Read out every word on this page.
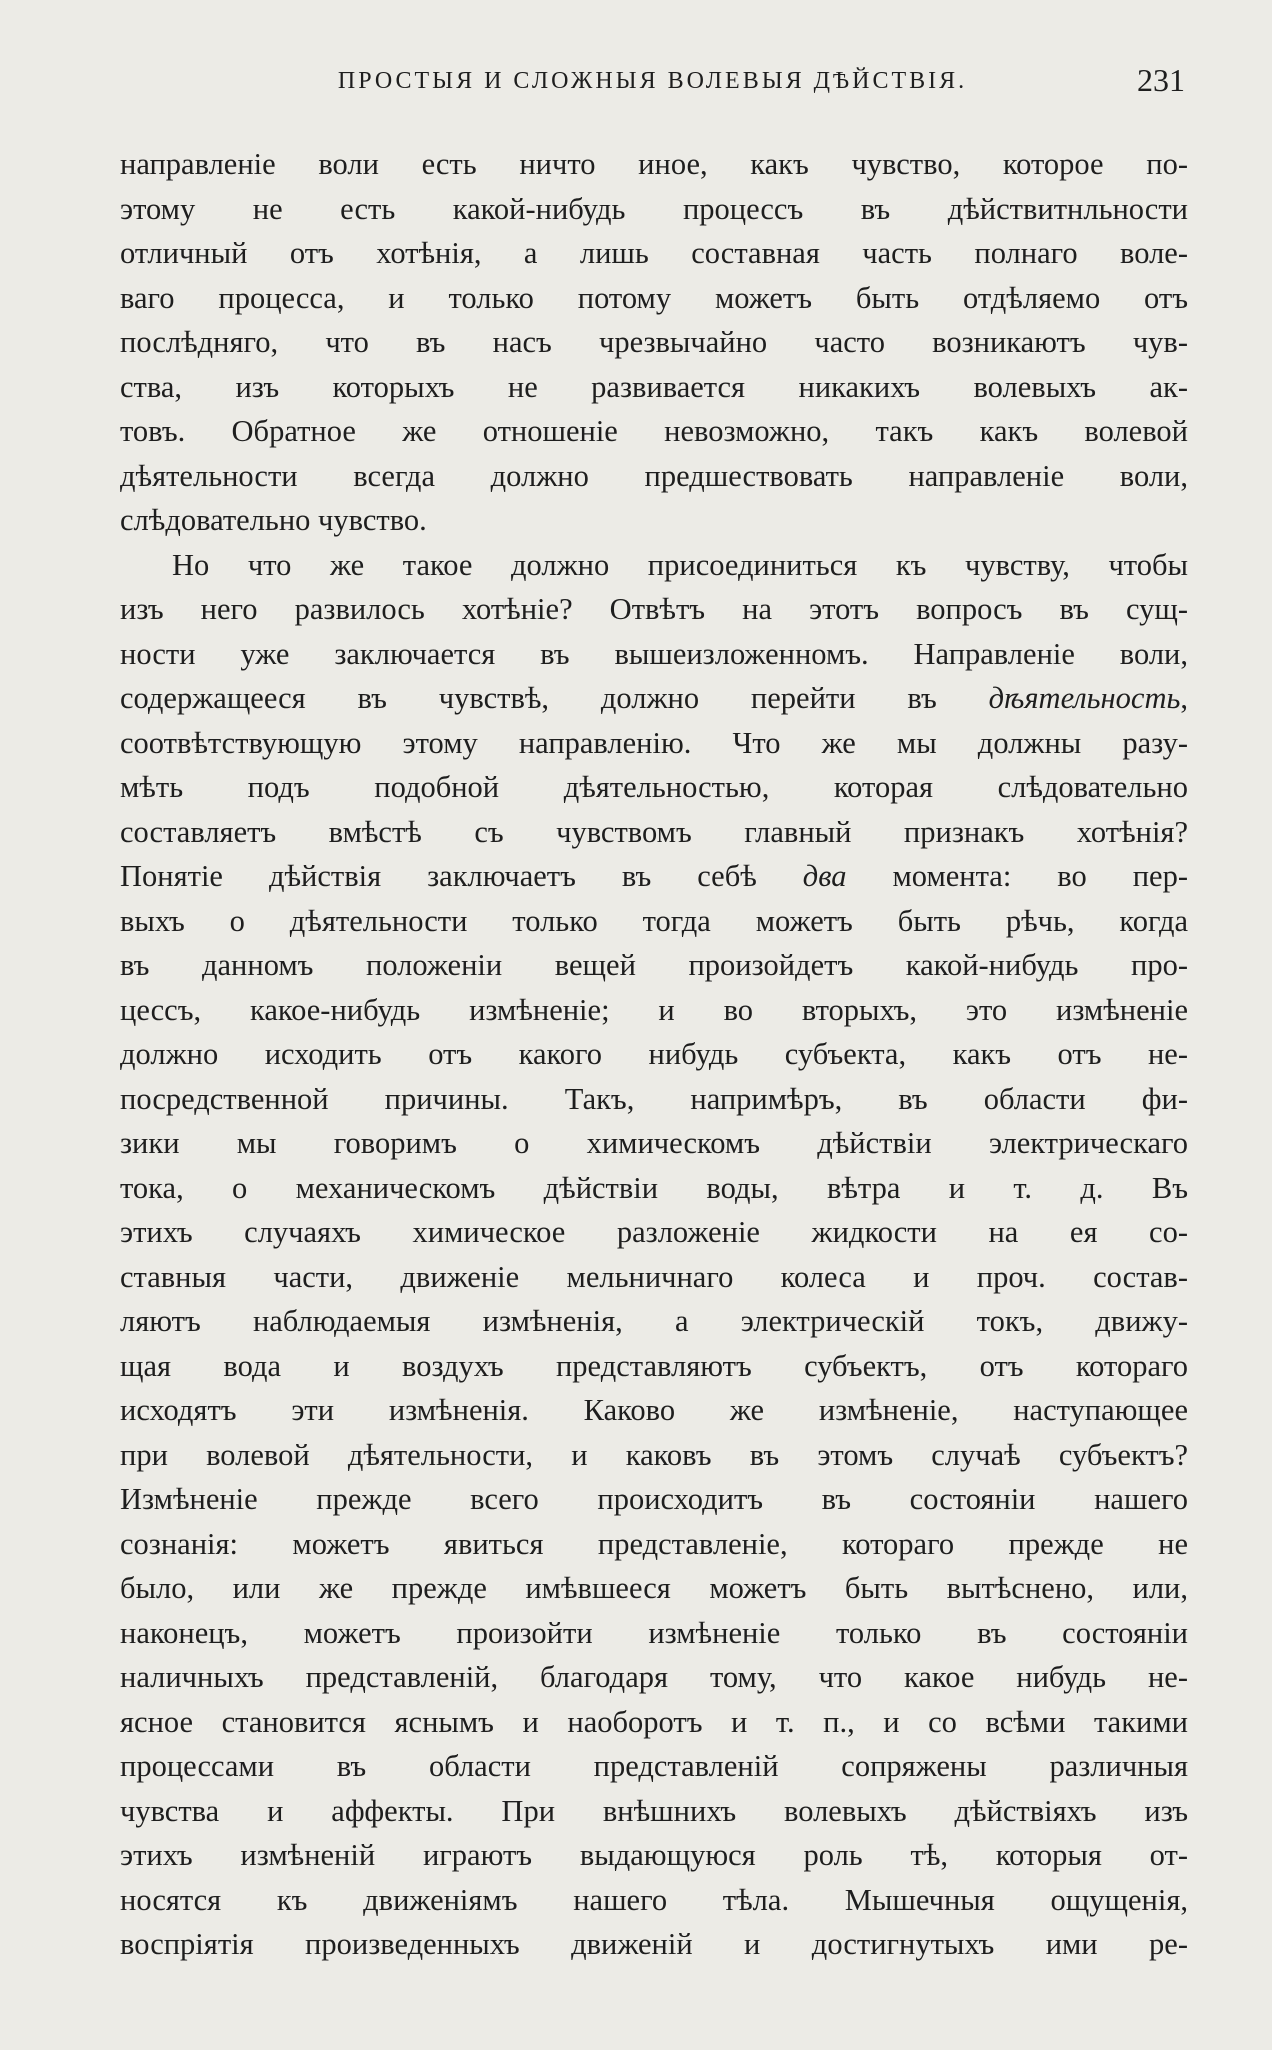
ПРОСТЫЯ И СЛОЖНЫЯ ВОЛЕВЫЯ ДѢЙСТВІЯ.	231
направленіе воли есть ничто иное, какъ чувство, которое по-
этому не есть какой-нибудь процессъ въ дѣйствитнльности
отличный отъ хотѣнія, а лишь составная часть полнаго воле-
ваго процесса, и только потому можетъ быть отдѣляемо отъ
послѣдняго, что въ насъ чрезвычайно часто возникаютъ чув-
ства, изъ которыхъ не развивается никакихъ волевыхъ ак-
товъ. Обратное же отношеніе невозможно, такъ какъ волевой
дѣятельности всегда должно предшествовать направленіе воли,
слѣдовательно чувство.
Но что же такое должно присоединиться къ чувству, чтобы
изъ него развилось хотѣніе? Отвѣтъ на этотъ вопросъ въ сущ-
ности уже заключается въ вышеизложенномъ. Направленіе воли,
содержащееся въ чувствѣ, должно перейти въ дѣятельность,
соотвѣтствующую этому направленію. Что же мы должны разу-
мѣть подъ подобной дѣятельностью, которая слѣдовательно
составляетъ вмѣстѣ съ чувствомъ главный признакъ хотѣнія?
Понятіе дѣйствія заключаетъ въ себѣ два момента: во пер-
выхъ о дѣятельности только тогда можетъ быть рѣчь, когда
въ данномъ положеніи вещей произойдетъ какой-нибудь про-
цессъ, какое-нибудь измѣненіе; и во вторыхъ, это измѣненіе
должно исходить отъ какого нибудь субъекта, какъ отъ не-
посредственной причины. Такъ, напримѣръ, въ области фи-
зики мы говоримъ о химическомъ дѣйствіи электрическаго
тока, о механическомъ дѣйствіи воды, вѣтра и т. д. Въ
этихъ случаяхъ химическое разложеніе жидкости на ея со-
ставныя части, движеніе мельничнаго колеса и проч. состав-
ляютъ наблюдаемыя измѣненія, а электрическій токъ, движу-
щая вода и воздухъ представляютъ субъектъ, отъ котораго
исходятъ эти измѣненія. Каково же измѣненіе, наступающее
при волевой дѣятельности, и каковъ въ этомъ случаѣ субъектъ?
Измѣненіе прежде всего происходитъ въ состояніи нашего
сознанія: можетъ явиться представленіе, котораго прежде не
было, или же прежде имѣвшееся можетъ быть вытѣснено, или,
наконецъ, можетъ произойти измѣненіе только въ состояніи
наличныхъ представленій, благодаря тому, что какое нибудь не-
ясное становится яснымъ и наоборотъ и т. п., и со всѣми такими
процессами въ области представленій сопряжены различныя
чувства и аффекты. При внѣшнихъ волевыхъ дѣйствіяхъ изъ
этихъ измѣненій играютъ выдающуюся роль тѣ, которыя от-
носятся къ движеніямъ нашего тѣла. Мышечныя ощущенія,
воспріятія произведенныхъ движеній и достигнутыхъ ими ре-
